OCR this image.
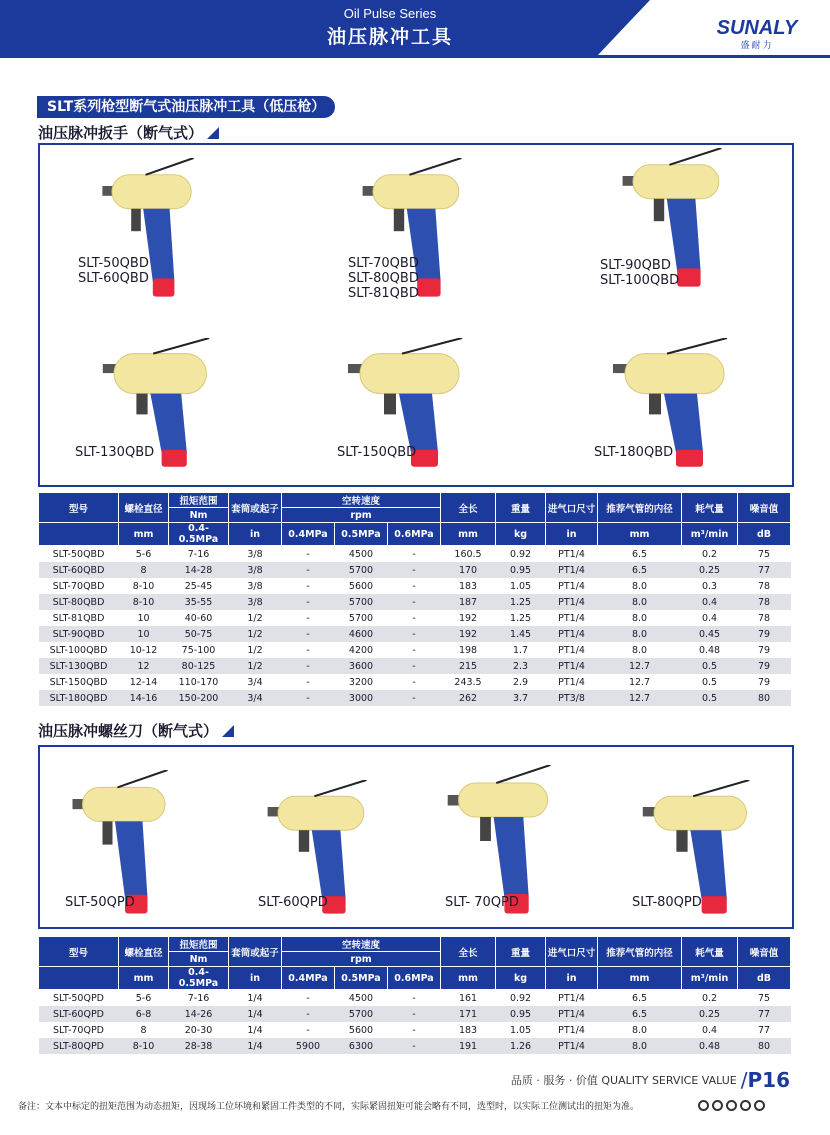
Oil Pulse Series
油压脉冲工具	SUNALY
盛耐力
SLT系列枪型断气式油压脉冲工具（低压枪）
油压脉冲扳手（断气式）
SLT-50QBD
SLT-60QBD
SLT-70QBD
SLT-80QBD
SLT-81QBD
SLT-90QBD
SLT-100QBD
SLT-130QBD	SLT-150QBD	SLT-180QBD
型号	螺栓直径	扭矩范围	套筒或起子	空转速度			全长	重量	进气口尺寸	推荐气管的内径	耗气量	噪音值
		Nm		rpm								
	mm	0.4-0.5MPa	in	0.4MPa	0.5MPa	0.6MPa	mm	kg	in	mm	m³/min	dB
SLT-50QBD	5-6	7-16	3/8	-	4500	-	160.5	0.92	PT1/4	6.5	0.2	75
SLT-60QBD	8	14-28	3/8	-	5700	-	170	0.95	PT1/4	6.5	0.25	77
SLT-70QBD	8-10	25-45	3/8	-	5600	-	183	1.05	PT1/4	8.0	0.3	78
SLT-80QBD	8-10	35-55	3/8	-	5700	-	187	1.25	PT1/4	8.0	0.4	78
SLT-81QBD	10	40-60	1/2	-	5700	-	192	1.25	PT1/4	8.0	0.4	78
SLT-90QBD	10	50-75	1/2	-	4600	-	192	1.45	PT1/4	8.0	0.45	79
SLT-100QBD	10-12	75-100	1/2	-	4200	-	198	1.7	PT1/4	8.0	0.48	79
SLT-130QBD	12	80-125	1/2	-	3600	-	215	2.3	PT1/4	12.7	0.5	79
SLT-150QBD	12-14	110-170	3/4	-	3200	-	243.5	2.9	PT1/4	12.7	0.5	79
SLT-180QBD	14-16	150-200	3/4	-	3000	-	262	3.7	PT3/8	12.7	0.5	80
油压脉冲螺丝刀（断气式）
SLT-50QPD	SLT-60QPD	SLT- 70QPD	SLT-80QPD
型号	螺栓直径	扭矩范围	套筒或起子	空转速度			全长	重量	进气口尺寸	推荐气管的内径	耗气量	噪音值
		Nm		rpm								
	mm	0.4-0.5MPa	in	0.4MPa	0.5MPa	0.6MPa	mm	kg	in	mm	m³/min	dB
SLT-50QPD	5-6	7-16	1/4	-	4500	-	161	0.92	PT1/4	6.5	0.2	75
SLT-60QPD	6-8	14-26	1/4	-	5700	-	171	0.95	PT1/4	6.5	0.25	77
SLT-70QPD	8	20-30	1/4	-	5600	-	183	1.05	PT1/4	8.0	0.4	77
SLT-80QPD	8-10	28-38	1/4	5900	6300	-	191	1.26	PT1/4	8.0	0.48	80
品质 · 服务 · 价值 QUALITY SERVICE VALUE /P16
备注：文本中标定的扭矩范围为动态扭矩，因现场工位环境和紧固工件类型的不同，实际紧固扭矩可能会略有不同，选型时，以实际工位测试出的扭矩为准。
